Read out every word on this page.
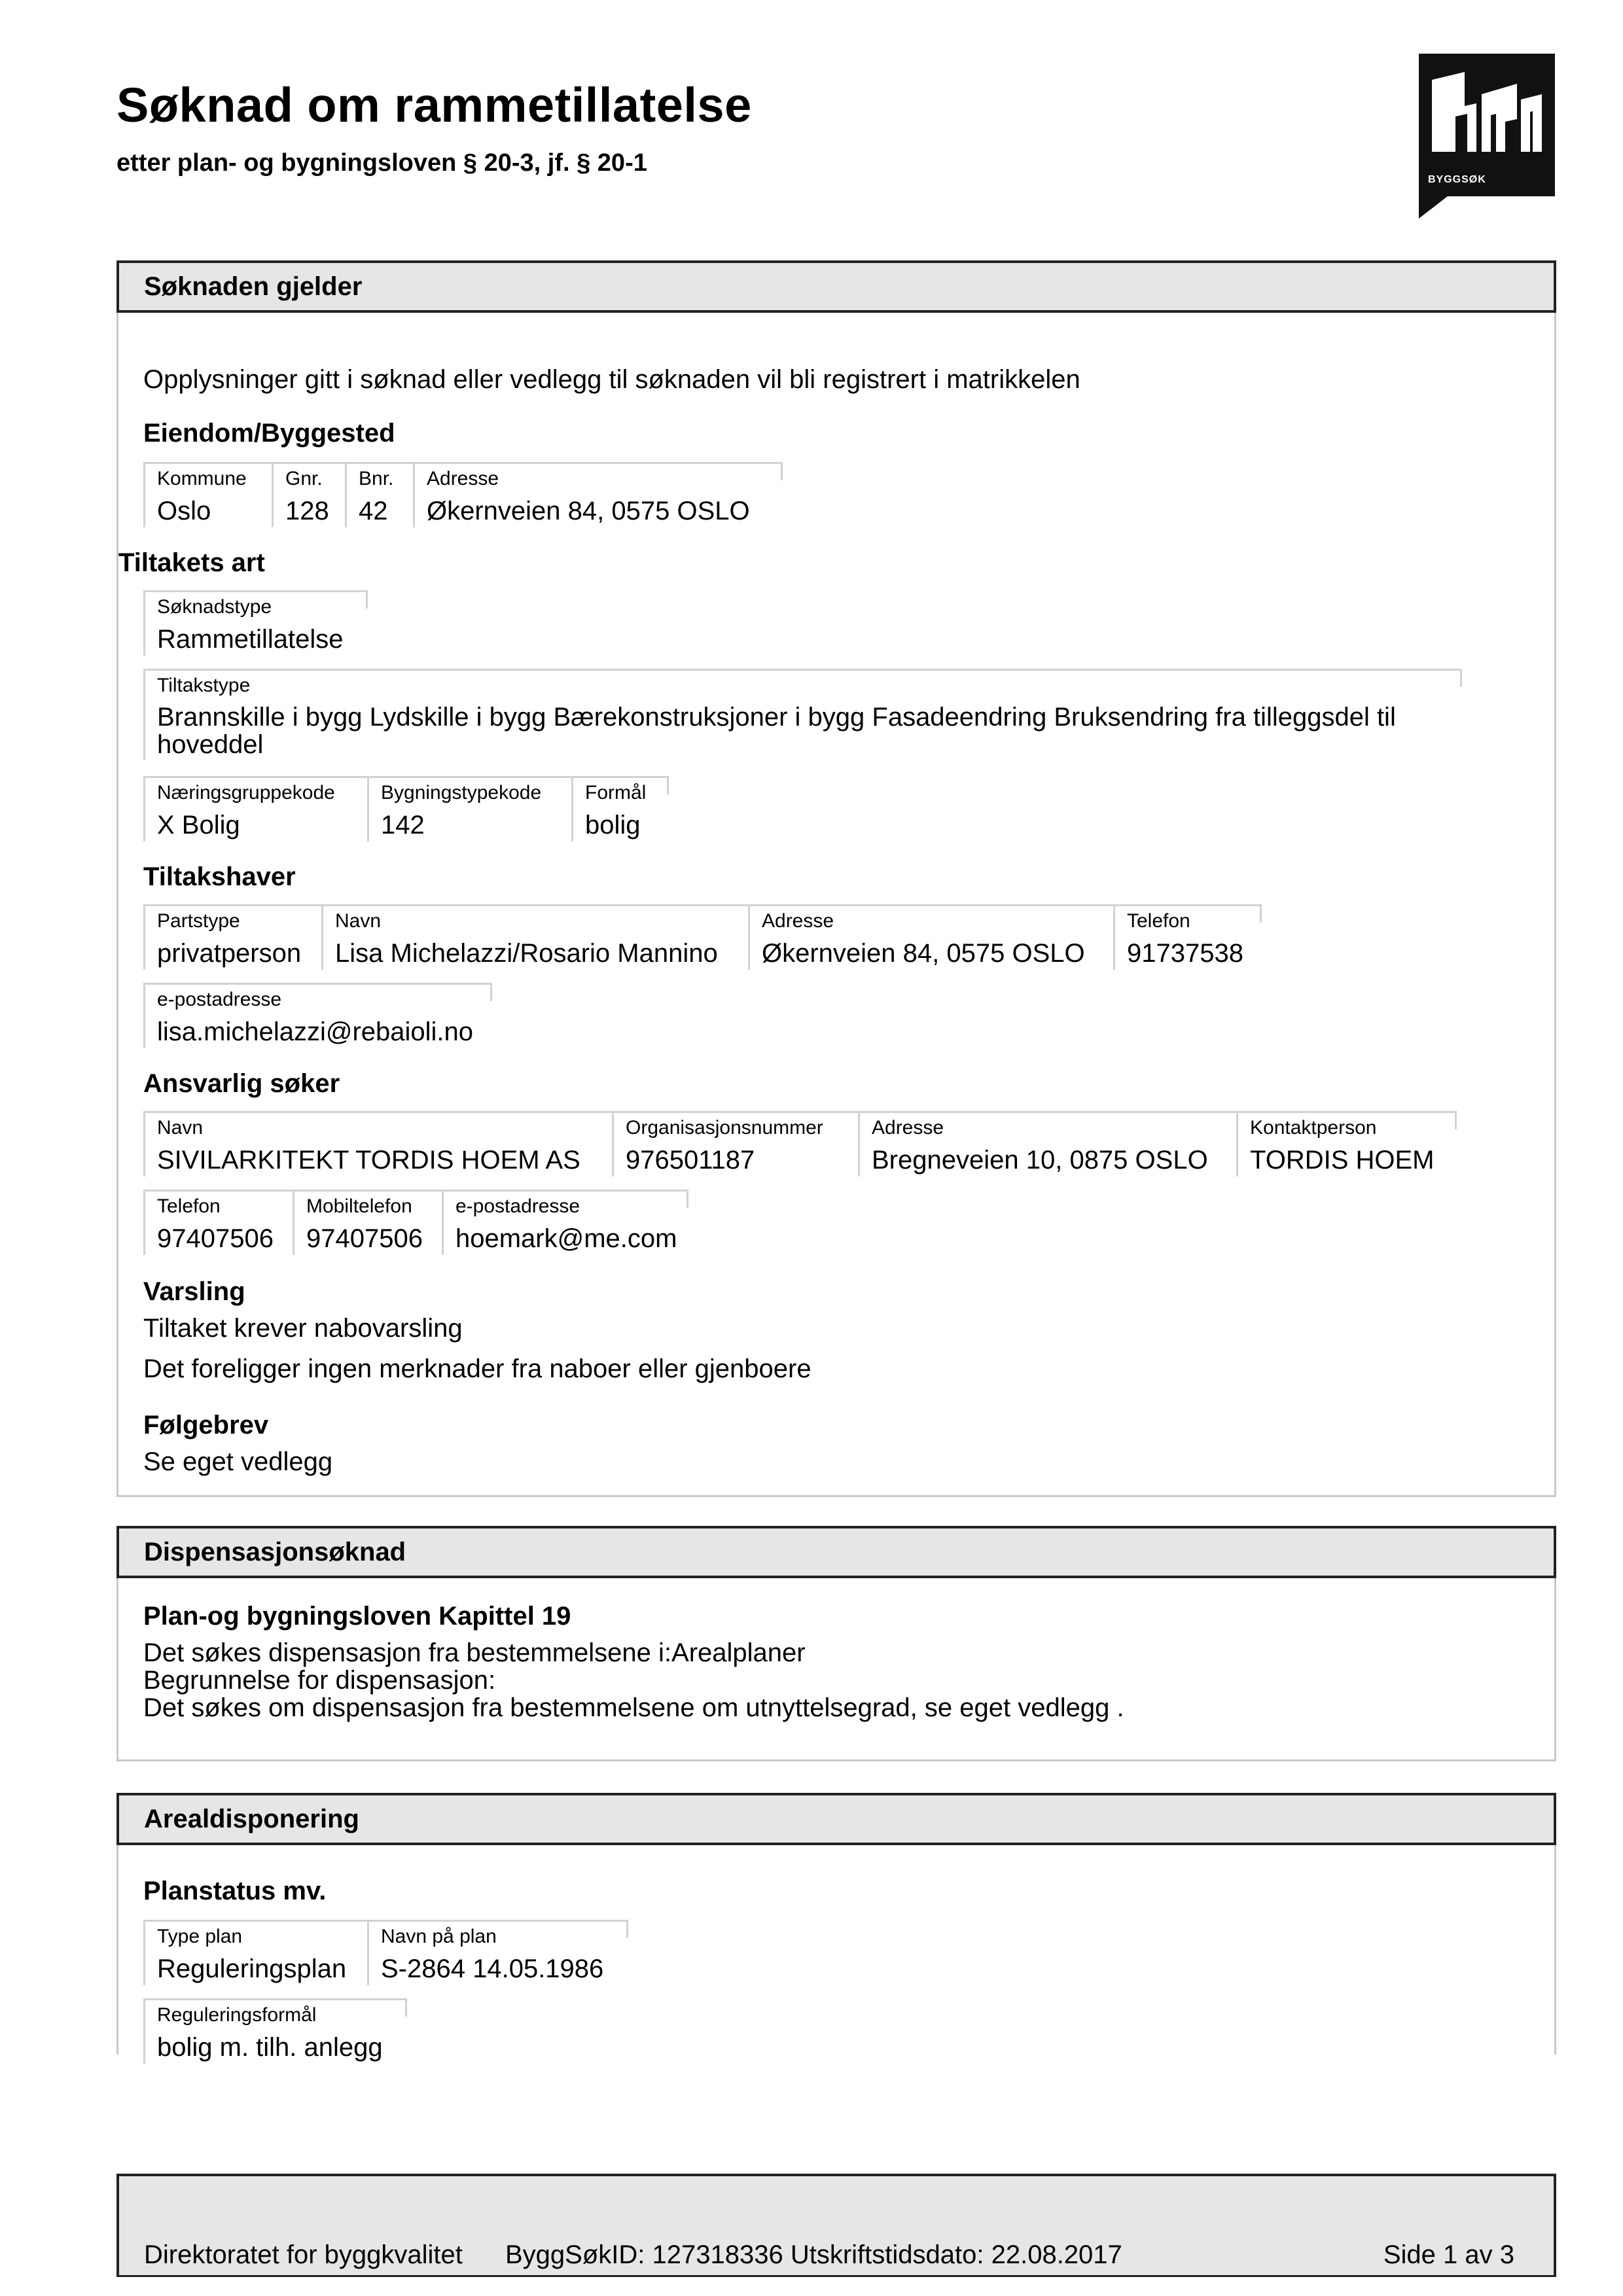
Søknad om rammetillatelse
etter plan- og bygningsloven § 20-3, jf. § 20-1
BYGGSØK
Søknaden gjelder
Opplysninger gitt i søknad eller vedlegg til søknaden vil bli registrert i matrikkelen
Eiendom/Byggested
Kommune
Oslo
Gnr.
128
Bnr.
42
Adresse
Økernveien 84, 0575 OSLO
Tiltakets art
Søknadstype
Rammetillatelse
Tiltakstype
Brannskille i bygg Lydskille i bygg Bærekonstruksjoner i bygg Fasadeendring Bruksendring fra tilleggsdel til hoveddel
Næringsgruppekode
X Bolig
Bygningstypekode
142
Formål
bolig
Tiltakshaver
Partstype
privatperson
Navn
Lisa Michelazzi/Rosario Mannino
Adresse
Økernveien 84, 0575 OSLO
Telefon
91737538
e-postadresse
lisa.michelazzi@rebaioli.no
Ansvarlig søker
Navn
SIVILARKITEKT TORDIS HOEM AS
Organisasjonsnummer
976501187
Adresse
Bregneveien 10, 0875 OSLO
Kontaktperson
TORDIS HOEM
Telefon
97407506
Mobiltelefon
97407506
e-postadresse
hoemark@me.com
Varsling
Tiltaket krever nabovarsling
Det foreligger ingen merknader fra naboer eller gjenboere
Følgebrev
Se eget vedlegg
Dispensasjonsøknad
Plan-og bygningsloven Kapittel 19
Det søkes dispensasjon fra bestemmelsene i:Arealplaner
Begrunnelse for dispensasjon:
Det søkes om dispensasjon fra bestemmelsene om utnyttelsegrad, se eget vedlegg .
Arealdisponering
Planstatus mv.
Type plan
Reguleringsplan
Navn på plan
S-2864 14.05.1986
Reguleringsformål
bolig m. tilh. anlegg
Direktoratet for byggkvalitet ByggSøkID: 127318336 Utskriftstidsdato: 22.08.2017	Side 1 av 3
